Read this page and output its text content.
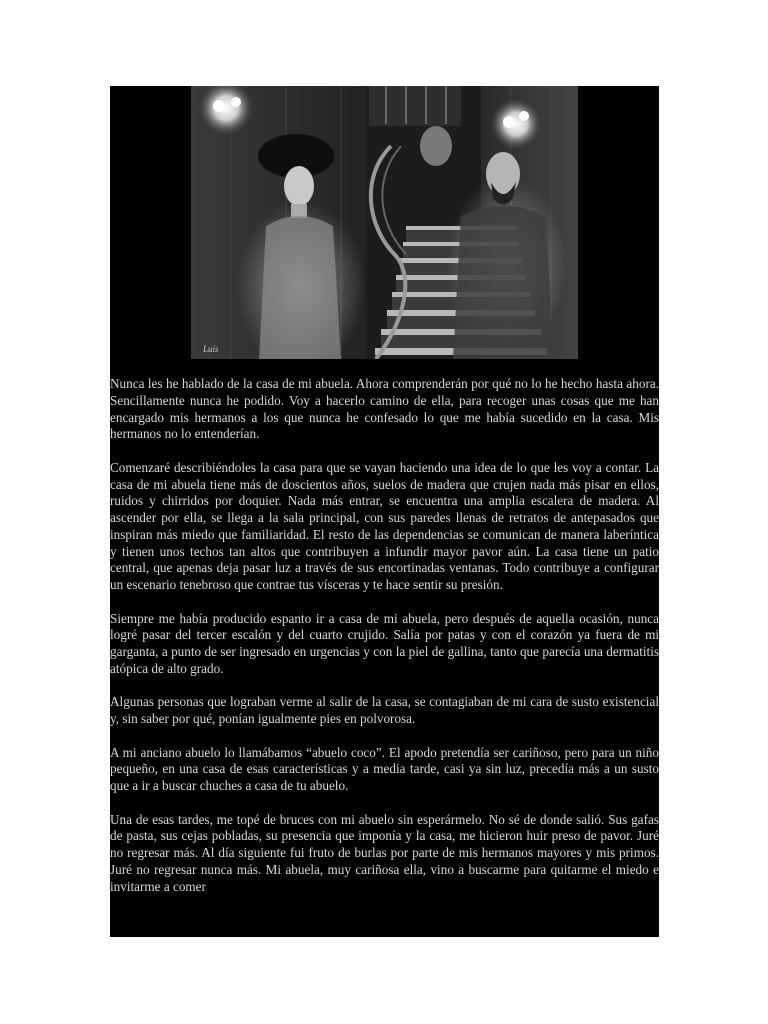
Luis

Nunca les he hablado de la casa de mi abuela. Ahora comprenderán por qué no lo he hecho hasta ahora. Sencillamente nunca he podido. Voy a hacerlo camino de ella, para recoger unas cosas que me han encargado mis hermanos a los que nunca he confesado lo que me había sucedido en la casa. Mis hermanos no lo entenderían.

Comenzaré describiéndoles la casa para que se vayan haciendo una idea de lo que les voy a contar. La casa de mi abuela tiene más de doscientos años, suelos de madera que crujen nada más pisar en ellos, ruidos y chirridos por doquier. Nada más entrar, se encuentra una amplia escalera de madera. Al ascender por ella, se llega a la sala principal, con sus paredes llenas de retratos de antepasados que inspiran más miedo que familiaridad. El resto de las dependencias se comunican de manera laberíntica y tienen unos techos tan altos que contribuyen a infundir mayor pavor aún. La casa tiene un patio central, que apenas deja pasar luz a través de sus encortinadas ventanas. Todo contribuye a configurar un escenario tenebroso que contrae tus vísceras y te hace sentir su presión.

Siempre me había producido espanto ir a casa de mi abuela, pero después de aquella ocasión, nunca logré pasar del tercer escalón y del cuarto crujido. Salía por patas y con el corazón ya fuera de mi garganta, a punto de ser ingresado en urgencias y con la piel de gallina, tanto que parecía una dermatitis atópica de alto grado.

Algunas personas que lograban verme al salir de la casa, se contagiaban de mi cara de susto existencial y, sin saber por qué, ponían igualmente pies en polvorosa.

A mi anciano abuelo lo llamábamos “abuelo coco”. El apodo pretendía ser cariñoso, pero para un niño pequeño, en una casa de esas características y a media tarde, casi ya sin luz, precedía más a un susto que a ir a buscar chuches a casa de tu abuelo.

Una de esas tardes, me topé de bruces con mi abuelo sin esperármelo. No sé de donde salió. Sus gafas de pasta, sus cejas pobladas, su presencia que imponía y la casa, me hicieron huir preso de pavor. Juré no regresar más. Al día siguiente fui fruto de burlas por parte de mis hermanos mayores y mis primos. Juré no regresar nunca más. Mi abuela, muy cariñosa ella, vino a buscarme para quitarme el miedo e invitarme a comer
